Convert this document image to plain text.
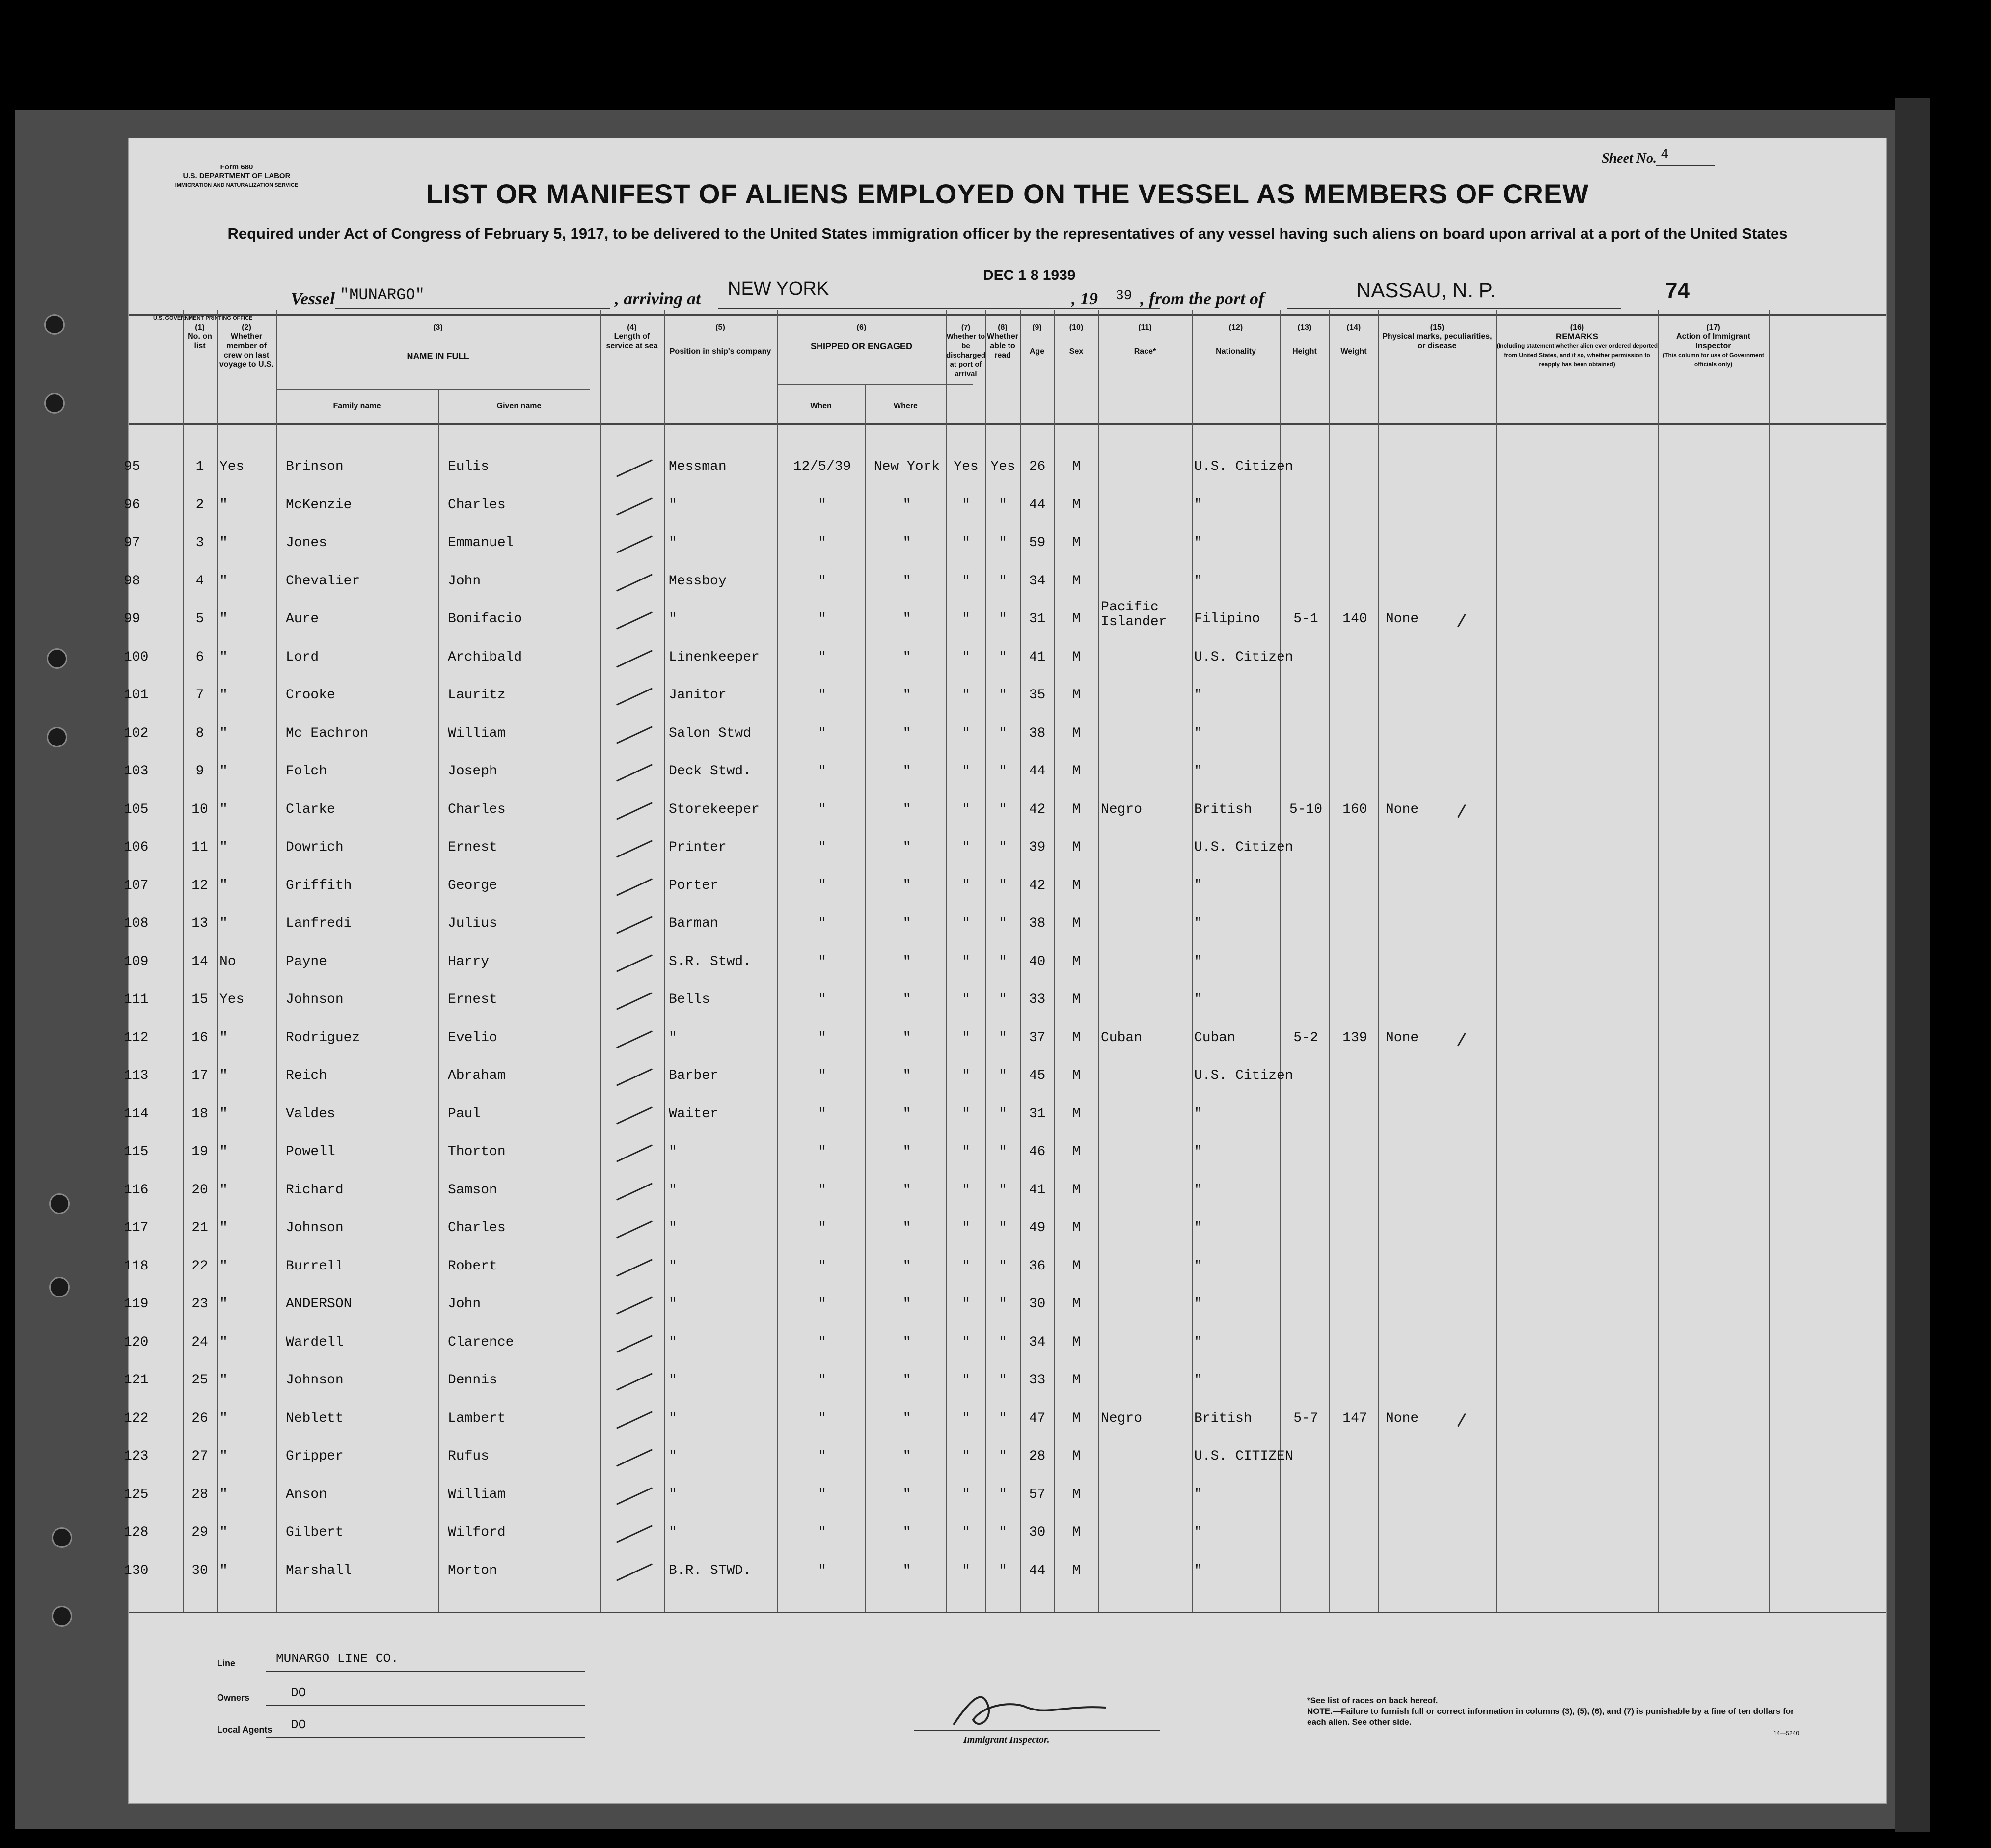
Form 680
U.S. DEPARTMENT OF LABOR
IMMIGRATION AND NATURALIZATION SERVICE
Sheet No. 4
LIST OR MANIFEST OF ALIENS EMPLOYED ON THE VESSEL AS MEMBERS OF CREW
Required under Act of Congress of February 5, 1917, to be delivered to the United States immigration officer by the representatives of any vessel having such aliens on board upon arrival at a port of the United States
Vessel "MUNARGO"	, arriving at NEW YORK
DEC 1 8 1939
, 19 39 , from the port of	NASSAU, N. P.	74
U.S. GOVERNMENT PRINTING OFFICE
(1)
No. on list
(2)
Whether member of crew on last voyage to U.S.
(3)
NAME IN FULL
Family name	Given name
(4)
Length of service at sea
(5)
Position in ship's company
(6)
SHIPPED OR ENGAGED
When	Where
(7)
Whether to be discharged at port of arrival
(8)
Whether able to read
(9)
Age
(10)
Sex
(11)
Race*
(12)
Nationality
(13)
Height
(14)
Weight
(15)
Physical marks, peculiarities, or disease
(16)
REMARKS
(Including statement whether alien ever ordered deported from United States, and if so, whether permission to reapply has been obtained)
(17)
Action of Immigrant Inspector
(This column for use of Government officials only)
95	1	Yes	Brinson	Eulis	Messman	12/5/39	New York	Yes Yes 26	M	U.S. Citizen
96	2	"	McKenzie	Charles	"	"	"	"	"	44	M	"
97	3	"	Jones	Emmanuel	"	"	"	"	"	59	M	"
98	4	"	Chevalier	John	Messboy	"	"	"	"	34	M	"
99	5	"	Aure	Bonifacio	"	"	"	"	"	31	M
Pacific Islander	Filipino	5-1	140	None
100	6	"	Lord	Archibald	Linenkeeper	"	"	"	"	41	M	U.S. Citizen
101	7	"	Crooke	Lauritz	Janitor	"	"	"	"	35	M	"
102	8	"	Mc Eachron	William	Salon Stwd	"	"	"	"	38	M	"
103	9	"	Folch	Joseph	Deck Stwd.	"	"	"	"	44	M	"
105	10 "	Clarke	Charles	Storekeeper	"	"	"	"	42	M	Negro	British	5-10	160	None
106	11 "	Dowrich	Ernest	Printer	"	"	"	"	39	M	U.S. Citizen
107	12 "	Griffith	George	Porter	"	"	"	"	42	M	"
108	13 "	Lanfredi	Julius	Barman	"	"	"	"	38	M	"
109	14 No	Payne	Harry	S.R. Stwd.	"	"	"	"	40	M	"
111	15 Yes	Johnson	Ernest	Bells	"	"	"	"	33	M	"
112	16 "	Rodriguez	Evelio	"	"	"	"	"	37	M	Cuban	Cuban	5-2	139	None
113	17 "	Reich	Abraham	Barber	"	"	"	"	45	M	U.S. Citizen
114	18 "	Valdes	Paul	Waiter	"	"	"	"	31	M	"
115	19 "	Powell	Thorton	"	"	"	"	"	46	M	"
116	20 "	Richard	Samson	"	"	"	"	"	41	M	"
117	21 "	Johnson	Charles	"	"	"	"	"	49	M	"
118	22 "	Burrell	Robert	"	"	"	"	"	36	M	"
119	23 "	ANDERSON	John	"	"	"	"	"	30	M	"
120	24 "	Wardell	Clarence	"	"	"	"	"	34	M	"
121	25 "	Johnson	Dennis	"	"	"	"	"	33	M	"
122	26 "	Neblett	Lambert	"	"	"	"	"	47	M	Negro	British	5-7	147	None
123	27 "	Gripper	Rufus	"	"	"	"	"	28	M	U.S. CITIZEN
125	28 "	Anson	William	"	"	"	"	"	57	M	"
128	29 "	Gilbert	Wilford	"	"	"	"	"	30	M	"
130	30 "	Marshall	Morton	B.R. STWD.	"	"	"	"	44	M	"
Line	MUNARGO LINE CO.
Owners	DO
Local Agents DO
Immigrant Inspector.
*See list of races on back hereof.
NOTE.—Failure to furnish full or correct information in columns (3), (5), (6), and (7) is punishable by a fine of ten dollars for each alien. See other side.
14—5240
